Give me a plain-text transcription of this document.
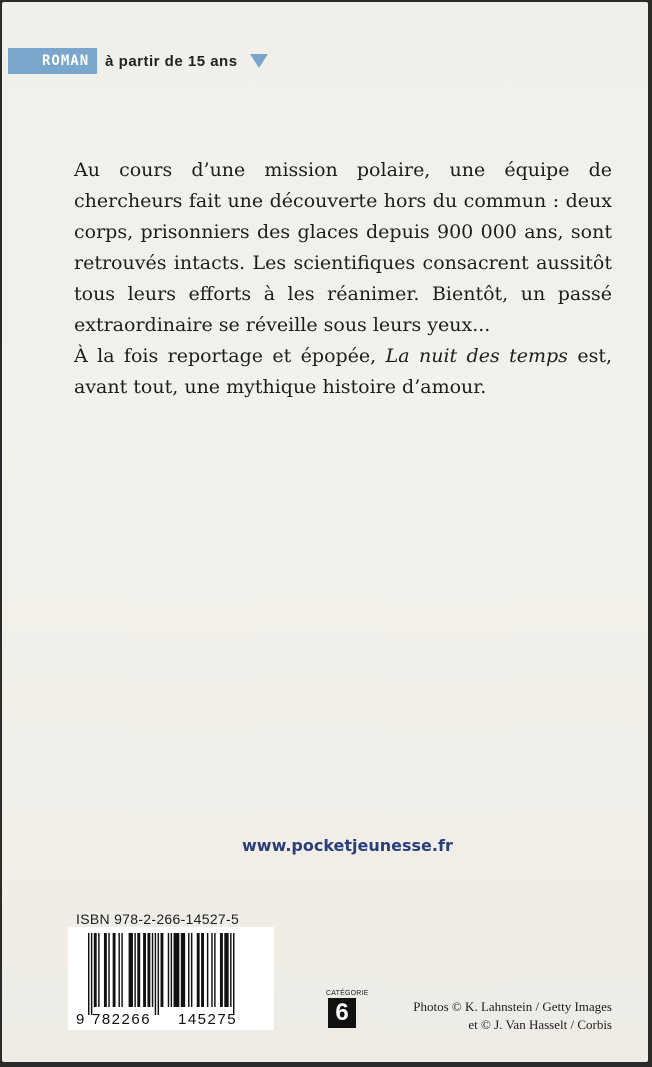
ROMAN	à partir de 15 ans

Au cours d’une mission polaire, une équipe de chercheurs fait une découverte hors du commun : deux corps, prisonniers des glaces depuis 900 000 ans, sont retrouvés intacts. Les scientifiques consacrent aussitôt tous leurs efforts à les réanimer. Bientôt, un passé extraordinaire se réveille sous leurs yeux...

À la fois reportage et épopée, La nuit des temps est, avant tout, une mythique histoire d’amour.

www.pocketjeunesse.fr
ISBN 978-2-266-14527-5
9 782266 145275
CATÉGORIE
6	Photos © K. Lahnstein / Getty Images
et © J. Van Hasselt / Corbis
